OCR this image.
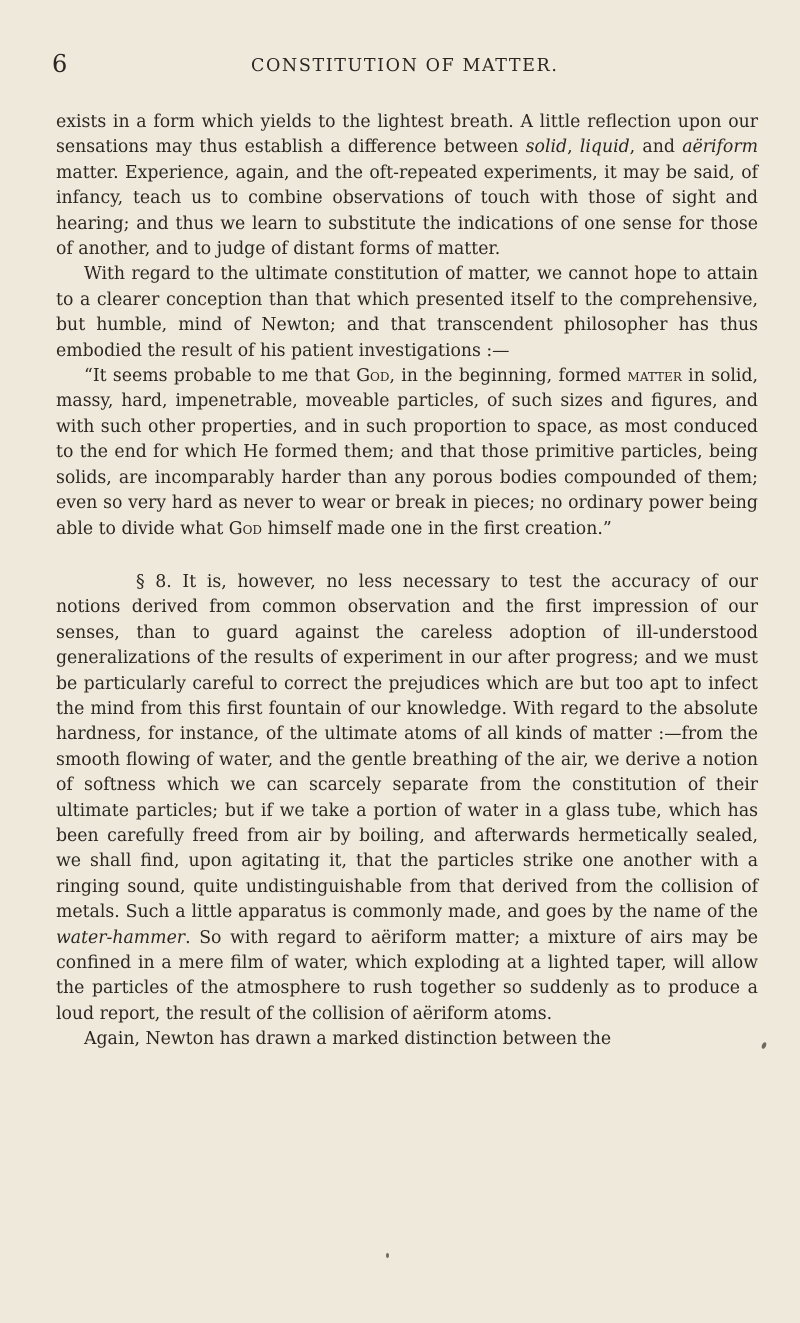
6	CONSTITUTION OF MATTER.

exists in a form which yields to the lightest breath. A little reflection upon our sensations may thus establish a difference between solid, liquid, and aëriform matter. Experience, again, and the oft-repeated experiments, it may be said, of infancy, teach us to combine observations of touch with those of sight and hearing; and thus we learn to substitute the indications of one sense for those of another, and to judge of distant forms of matter.

With regard to the ultimate constitution of matter, we cannot hope to attain to a clearer conception than that which presented itself to the comprehensive, but humble, mind of Newton; and that transcendent philosopher has thus embodied the result of his patient investigations :—

“It seems probable to me that God, in the beginning, formed matter in solid, massy, hard, impenetrable, moveable particles, of such sizes and figures, and with such other properties, and in such proportion to space, as most conduced to the end for which He formed them; and that those primitive particles, being solids, are incomparably harder than any porous bodies compounded of them; even so very hard as never to wear or break in pieces; no ordinary power being able to divide what God himself made one in the first creation.”

§ 8. It is, however, no less necessary to test the accuracy of our notions derived from common observation and the first impression of our senses, than to guard against the careless adoption of ill-understood generalizations of the results of experiment in our after progress; and we must be particularly careful to correct the prejudices which are but too apt to infect the mind from this first fountain of our knowledge. With regard to the absolute hardness, for instance, of the ultimate atoms of all kinds of matter :—from the smooth flowing of water, and the gentle breathing of the air, we derive a notion of softness which we can scarcely separate from the constitution of their ultimate particles; but if we take a portion of water in a glass tube, which has been carefully freed from air by boiling, and afterwards hermetically sealed, we shall find, upon agitating it, that the particles strike one another with a ringing sound, quite undistinguishable from that derived from the collision of metals. Such a little apparatus is commonly made, and goes by the name of the water-hammer. So with regard to aëriform matter; a mixture of airs may be confined in a mere film of water, which exploding at a lighted taper, will allow the particles of the atmosphere to rush together so suddenly as to produce a loud report, the result of the collision of aëriform atoms.

Again, Newton has drawn a marked distinction between the
